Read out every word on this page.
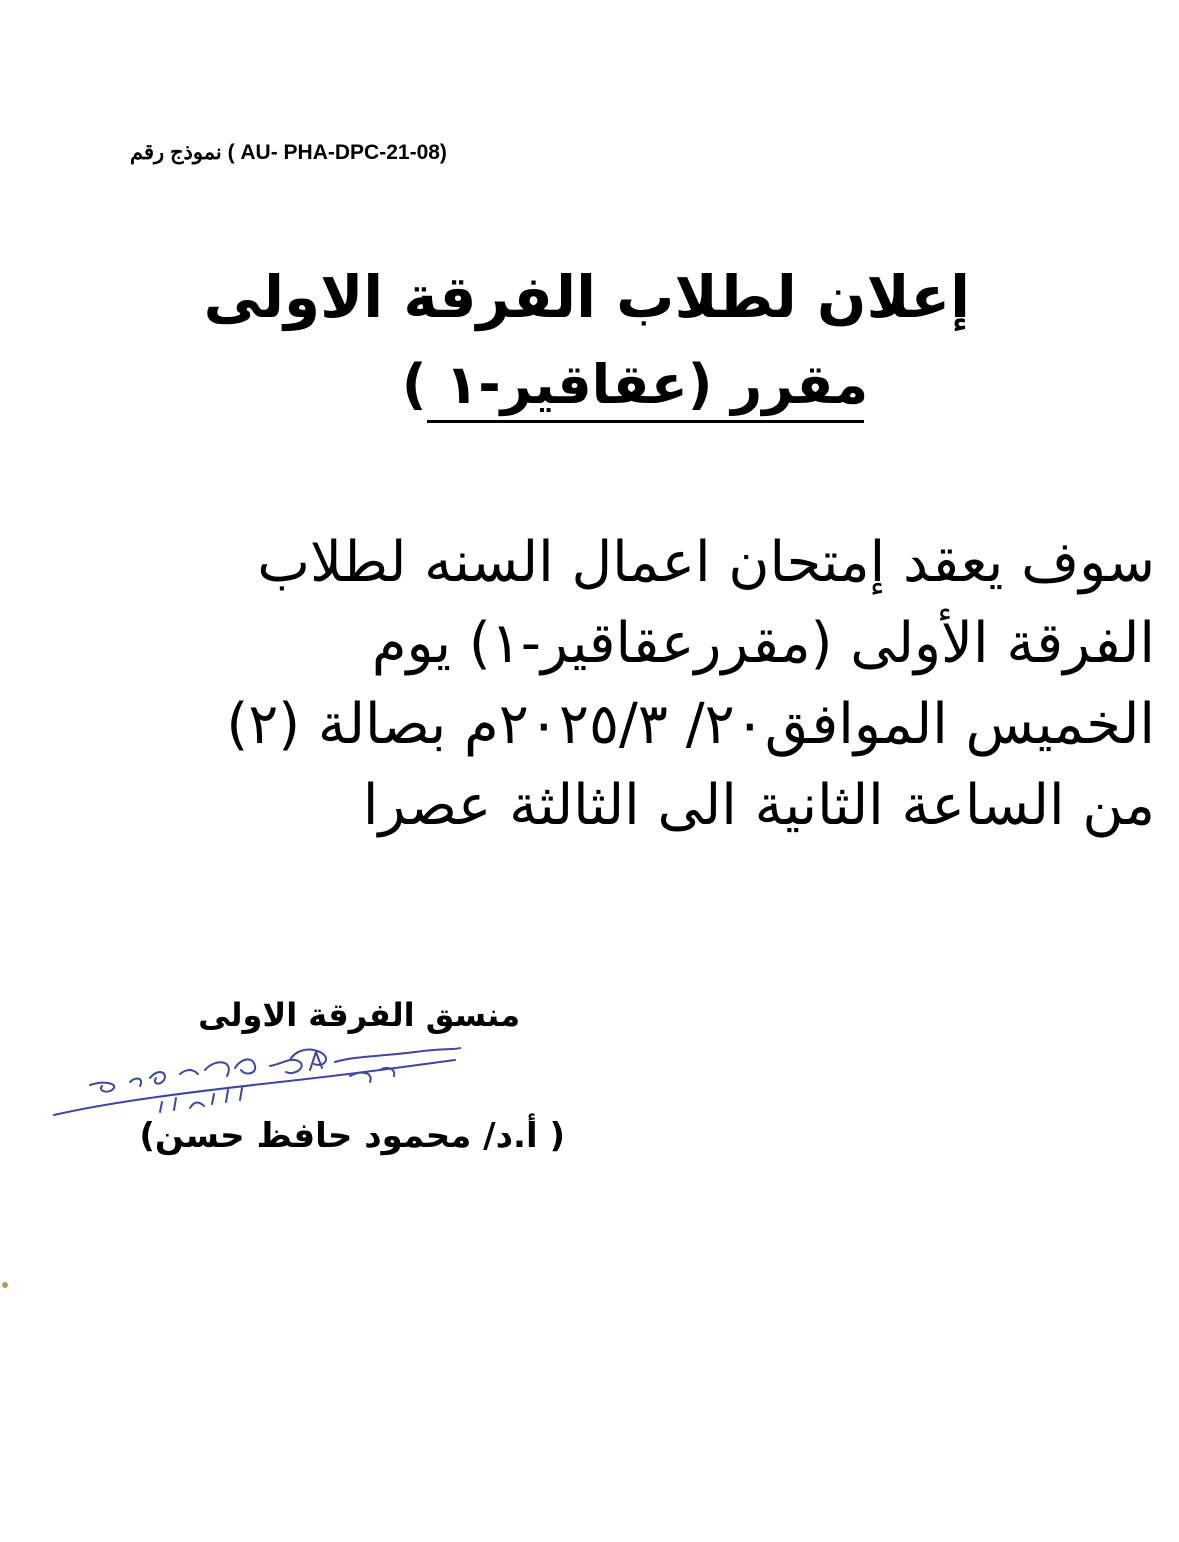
نموذج رقم ( AU- PHA-DPC-21-08)
إعلان لطلاب الفرقة الاولى
مقرر (عقاقير-١ )
سوف يعقد إمتحان اعمال السنه لطلاب
الفرقة الأولى (مقررعقاقير-١) يوم
الخميس الموافق٢٠/ ٢٠٢٥/٣م بصالة (٢)
من الساعة الثانية الى الثالثة عصرا
منسق الفرقة الاولى
( أ.د/ محمود حافظ حسن)
